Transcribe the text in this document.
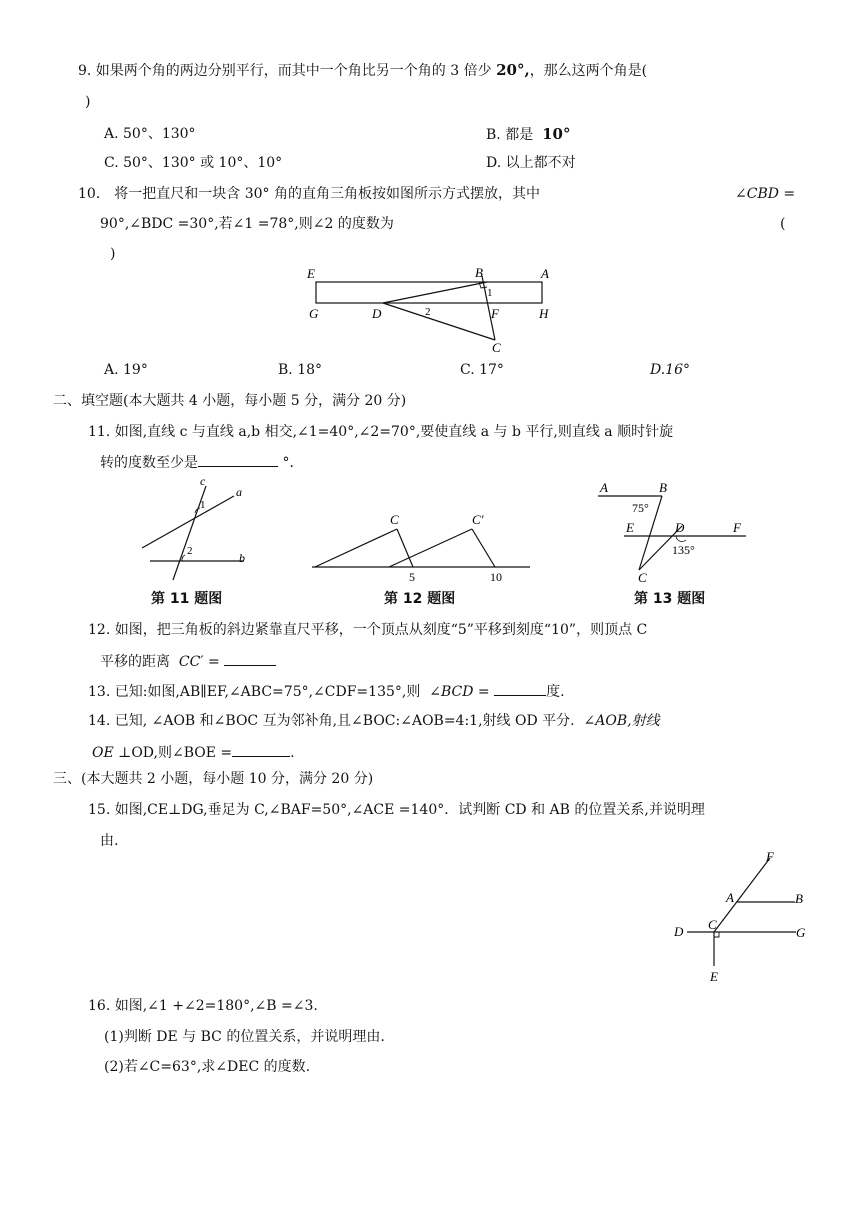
9. 如果两个角的两边分别平行，而其中一个角比另一个角的 3 倍少 20°,，那么这两个角是(
)
A. 50°、130°	B. 都是 10°
C. 50°、130° 或 10°、10°	D. 以上都不对
10． 将一把直尺和一块含 30° 角的直角三角板按如图所示方式摆放，其中	∠CBD =
90°,∠BDC =30°,若∠1 =78°,则∠2 的度数为	(
)
E	B	A
G	D	F	H
C
1
2
A. 19°	B. 18°	C. 17°	D.16°
二、填空题(本大题共 4 小题，每小题 5 分，满分 20 分)
11. 如图,直线 c 与直线 a,b 相交,∠1=40°,∠2=70°,要使直线 a 与 b 平行,则直线 a 顺时针旋
转的度数至少是	°．
c
a
b
1
2
第 11 题图
C	C′
5	10
第 12 题图
A	B
E	D	F
C
75°
135°
第 13 题图
12. 如图，把三角板的斜边紧靠直尺平移，一个顶点从刻度“5”平移到刻度“10”，则顶点 C
平移的距离 CC′ =
13. 已知:如图,AB∥EF,∠ABC=75°,∠CDF=135°,则 ∠BCD =	度.
14. 已知, ∠AOB 和∠BOC 互为邻补角,且∠BOC:∠AOB=4:1,射线 OD 平分. ∠AOB,射线
OE ⊥OD,则∠BOE =	.
三、(本大题共 2 小题，每小题 10 分，满分 20 分)
15. 如图,CE⊥DG,垂足为 C,∠BAF=50°,∠ACE =140°．试判断 CD 和 AB 的位置关系,并说明理
由.
F
A	B
D C
G
E
16. 如图,∠1 +∠2=180°,∠B =∠3.
(1)判断 DE 与 BC 的位置关系，并说明理由.
(2)若∠C=63°,求∠DEC 的度数.
